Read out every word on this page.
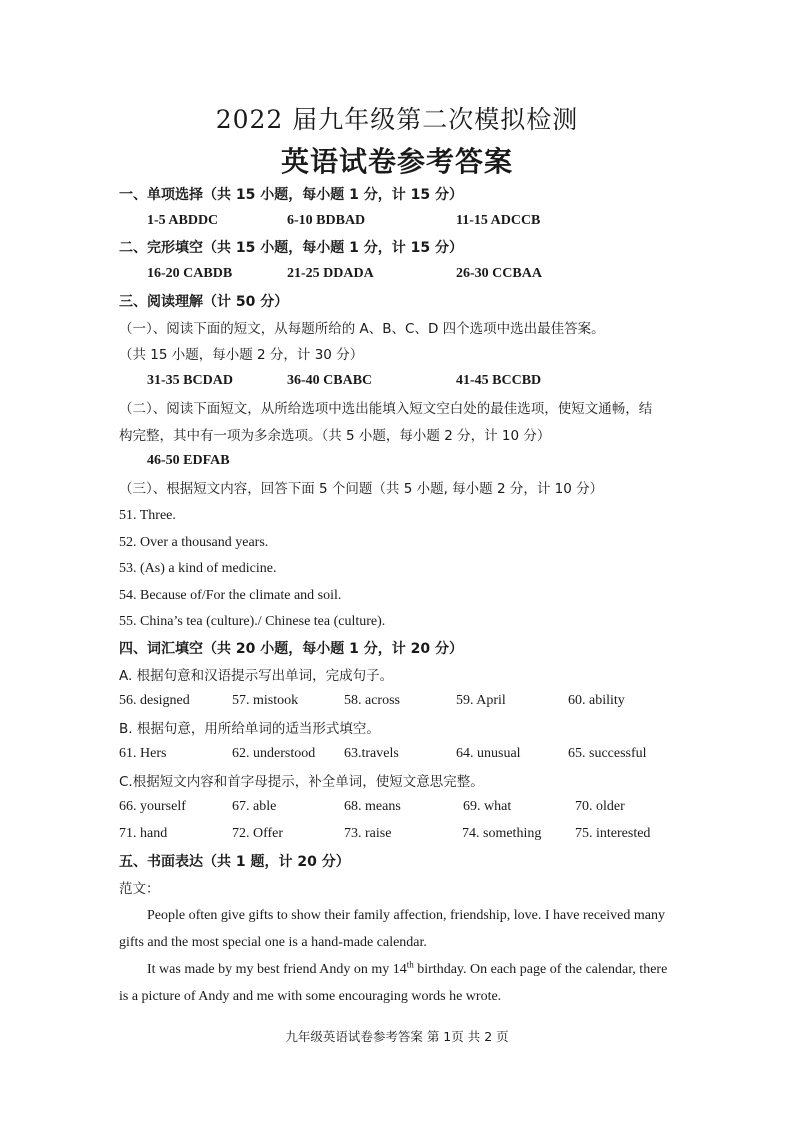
2022 届九年级第二次模拟检测
英语试卷参考答案
一、单项选择（共 15 小题，每小题 1 分，计 15 分）
1-5 ABDDC	6-10 BDBAD	11-15 ADCCB
二、完形填空（共 15 小题，每小题 1 分，计 15 分）
16-20 CABDB	21-25 DDADA	26-30 CCBAA
三、阅读理解（计 50 分）
（一）、阅读下面的短文，从每题所给的 A、B、C、D 四个选项中选出最佳答案。
（共 15 小题，每小题 2 分，计 30 分）
31-35 BCDAD	36-40 CBABC	41-45 BCCBD
（二）、阅读下面短文，从所给选项中选出能填入短文空白处的最佳选项，使短文通畅，结
构完整，其中有一项为多余选项。（共 5 小题，每小题 2 分，计 10 分）
46-50 EDFAB
（三）、根据短文内容，回答下面 5 个问题（共 5 小题, 每小题 2 分，计 10 分）
51. Three.
52. Over a thousand years.
53. (As) a kind of medicine.
54. Because of/For the climate and soil.
55. China’s tea (culture)./ Chinese tea (culture).
四、词汇填空（共 20 小题，每小题 1 分，计 20 分）
A. 根据句意和汉语提示写出单词，完成句子。
56. designed	57. mistook	58. across	59. April	60. ability
B. 根据句意，用所给单词的适当形式填空。
61. Hers	62. understood 63.travels	64. unusual	65. successful
C.根据短文内容和首字母提示，补全单词，使短文意思完整。
66. yourself	67. able	68. means	69. what	70. older
71. hand	72. Offer	73. raise	74. something 75. interested
五、书面表达（共 1 题，计 20 分）
范文：
People often give gifts to show their family affection, friendship, love. I have received many gifts and the most special one is a hand-made calendar.
It was made by my best friend Andy on my 14th birthday. On each page of the calendar, there is a picture of Andy and me with some encouraging words he wrote.
九年级英语试卷参考答案 第 1页 共 2 页
